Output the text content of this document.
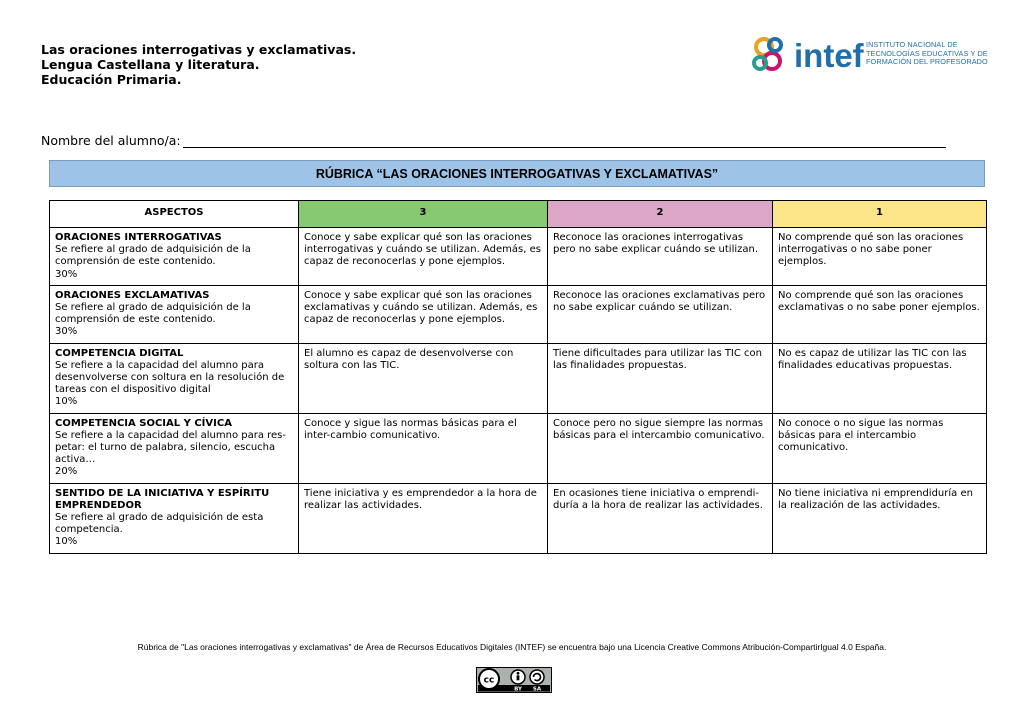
Las oraciones interrogativas y exclamativas.
Lengua Castellana y literatura.
Educación Primaria.
intef INSTITUTO NACIONAL DE
TECNOLOGÍAS EDUCATIVAS Y DE
FORMACIÓN DEL PROFESORADO
Nombre del alumno/a:
RÚBRICA “LAS ORACIONES INTERROGATIVAS Y EXCLAMATIVAS”
ASPECTOS	3	2	1

ORACIONES INTERROGATIVAS
Se refiere al grado de adquisición de la comprensión de este contenido.
30%	Conoce y sabe explicar qué son las oraciones interrogativas y cuándo se utilizan. Además, es capaz de reconocerlas y pone ejemplos.	Reconoce las oraciones interrogativas pero no sabe explicar cuándo se utilizan.	No comprende qué son las oraciones interrogativas o no sabe poner ejemplos.

ORACIONES EXCLAMATIVAS
Se refiere al grado de adquisición de la comprensión de este contenido.
30%	Conoce y sabe explicar qué son las oraciones exclamativas y cuándo se utilizan. Además, es capaz de reconocerlas y pone ejemplos.	Reconoce las oraciones exclamativas pero no sabe explicar cuándo se utilizan.	No comprende qué son las oraciones exclamativas o no sabe poner ejemplos.

COMPETENCIA DIGITAL
Se refiere a la capacidad del alumno para desenvolverse con soltura en la resolución de tareas con el dispositivo digital
10%	El alumno es capaz de desenvolverse con soltura con las TIC.	Tiene dificultades para utilizar las TIC con las finalidades propuestas.	No es capaz de utilizar las TIC con las finalidades educativas propuestas.

COMPETENCIA SOCIAL Y CÍVICA
Se refiere a la capacidad del alumno para res-petar: el turno de palabra, silencio, escucha activa…
20%	Conoce y sigue las normas básicas para el inter-cambio comunicativo.	Conoce pero no sigue siempre las normas básicas para el intercambio comunicativo.	No conoce o no sigue las normas básicas para el intercambio comunicativo.

SENTIDO DE LA INICIATIVA Y ESPÍRITU EMPRENDEDOR
Se refiere al grado de adquisición de esta competencia.
10%	Tiene iniciativa y es emprendedor a la hora de realizar las actividades.	En ocasiones tiene iniciativa o emprendi-duría a la hora de realizar las actividades.	No tiene iniciativa ni emprendiduría en la realización de las actividades.
Rúbrica de "Las oraciones interrogativas y exclamativas" de Área de Recursos Educativos Digitales (INTEF) se encuentra bajo una Licencia Creative Commons Atribución-CompartirIgual 4.0 España.
cc
BY SA
